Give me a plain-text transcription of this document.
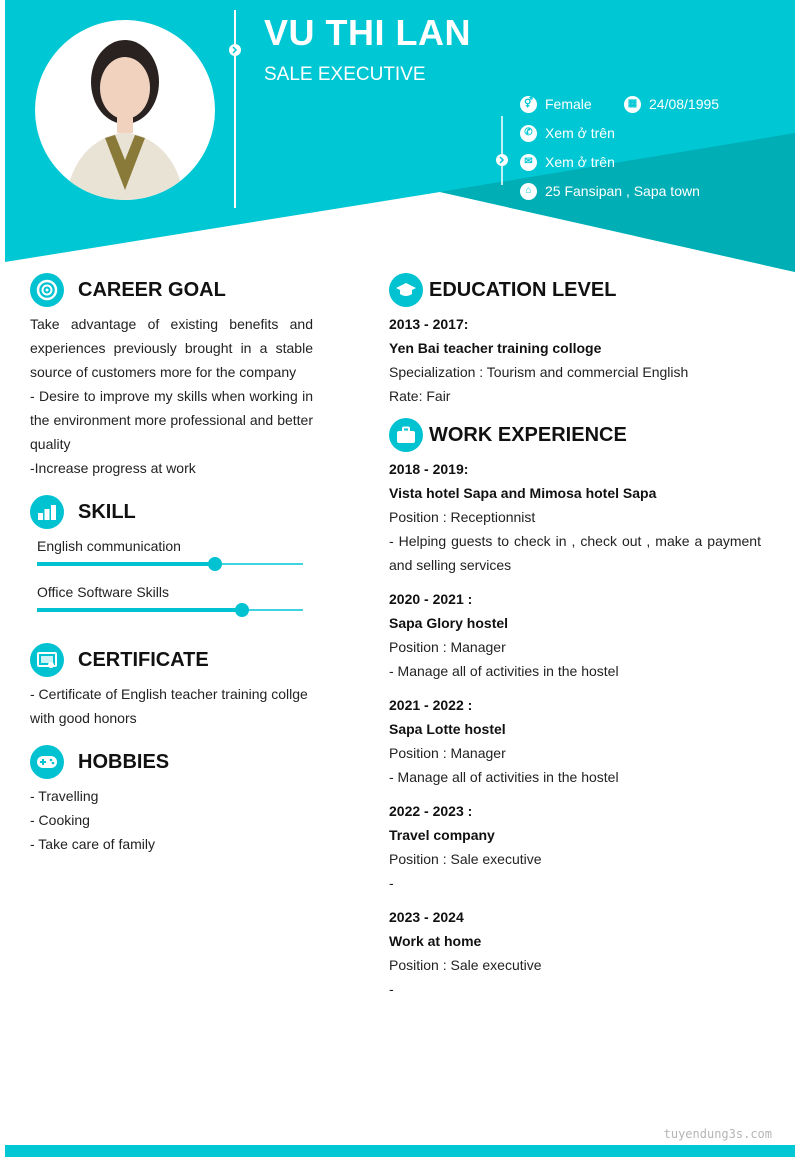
VU THI LAN
SALE EXECUTIVE
⚥ Female	▦ 24/08/1995
✆ Xem ở trên
✉ Xem ở trên
⌂ 25 Fansipan , Sapa town
CAREER GOAL
Take advantage of existing benefits and experiences previously brought in a stable source of customers more for the company
- Desire to improve my skills when working in the environment more professional and better quality
-Increase progress at work
SKILL
English communication
Office Software Skills
CERTIFICATE
- Certificate of English teacher training collge with good honors
HOBBIES
- Travelling
- Cooking
- Take care of family
EDUCATION LEVEL
2013 - 2017:
Yen Bai teacher training colloge
Specialization : Tourism and commercial English
Rate: Fair
WORK EXPERIENCE
2018 - 2019:
Vista hotel Sapa and Mimosa hotel Sapa
Position : Receptionnist
- Helping guests to check in , check out , make a payment and selling services
2020 - 2021 :
Sapa Glory hostel
Position : Manager
- Manage all of activities in the hostel
2021 - 2022 :
Sapa Lotte hostel
Position : Manager
- Manage all of activities in the hostel
2022 - 2023 :
Travel company
Position : Sale executive
-
2023 - 2024
Work at home
Position : Sale executive
-
tuyendung3s.com
